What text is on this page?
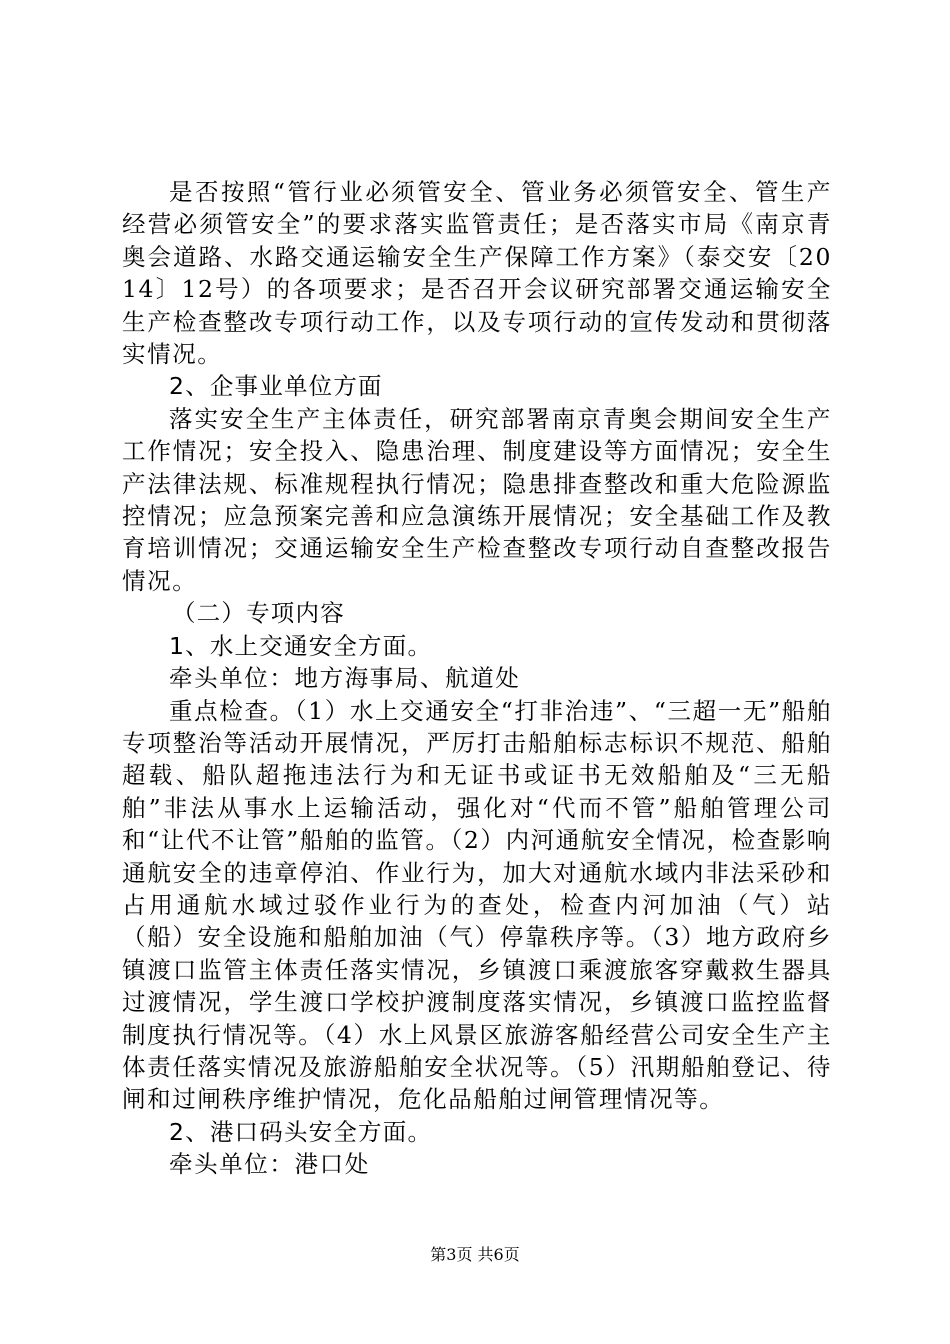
是否按照“管行业必须管安全、管业务必须管安全、管生产经营必须管安全”的要求落实监管责任；是否落实市局《南京青奥会道路、水路交通运输安全生产保障工作方案》（泰交安〔2014〕12号）的各项要求；是否召开会议研究部署交通运输安全生产检查整改专项行动工作，以及专项行动的宣传发动和贯彻落实情况。

2、企事业单位方面

落实安全生产主体责任，研究部署南京青奥会期间安全生产工作情况；安全投入、隐患治理、制度建设等方面情况；安全生产法律法规、标准规程执行情况；隐患排查整改和重大危险源监控情况；应急预案完善和应急演练开展情况；安全基础工作及教育培训情况；交通运输安全生产检查整改专项行动自查整改报告情况。

（二）专项内容

1、水上交通安全方面。

牵头单位：地方海事局、航道处

重点检查。（1）水上交通安全“打非治违”、“三超一无”船舶专项整治等活动开展情况，严厉打击船舶标志标识不规范、船舶超载、船队超拖违法行为和无证书或证书无效船舶及“三无船舶”非法从事水上运输活动，强化对“代而不管”船舶管理公司和“让代不让管”船舶的监管。（2）内河通航安全情况，检查影响通航安全的违章停泊、作业行为，加大对通航水域内非法采砂和占用通航水域过驳作业行为的查处，检查内河加油（气）站（船）安全设施和船舶加油（气）停靠秩序等。（3）地方政府乡镇渡口监管主体责任落实情况，乡镇渡口乘渡旅客穿戴救生器具过渡情况，学生渡口学校护渡制度落实情况，乡镇渡口监控监督制度执行情况等。（4）水上风景区旅游客船经营公司安全生产主体责任落实情况及旅游船舶安全状况等。（5）汛期船舶登记、待闸和过闸秩序维护情况，危化品船舶过闸管理情况等。

2、港口码头安全方面。

牵头单位：港口处

第3页 共6页
